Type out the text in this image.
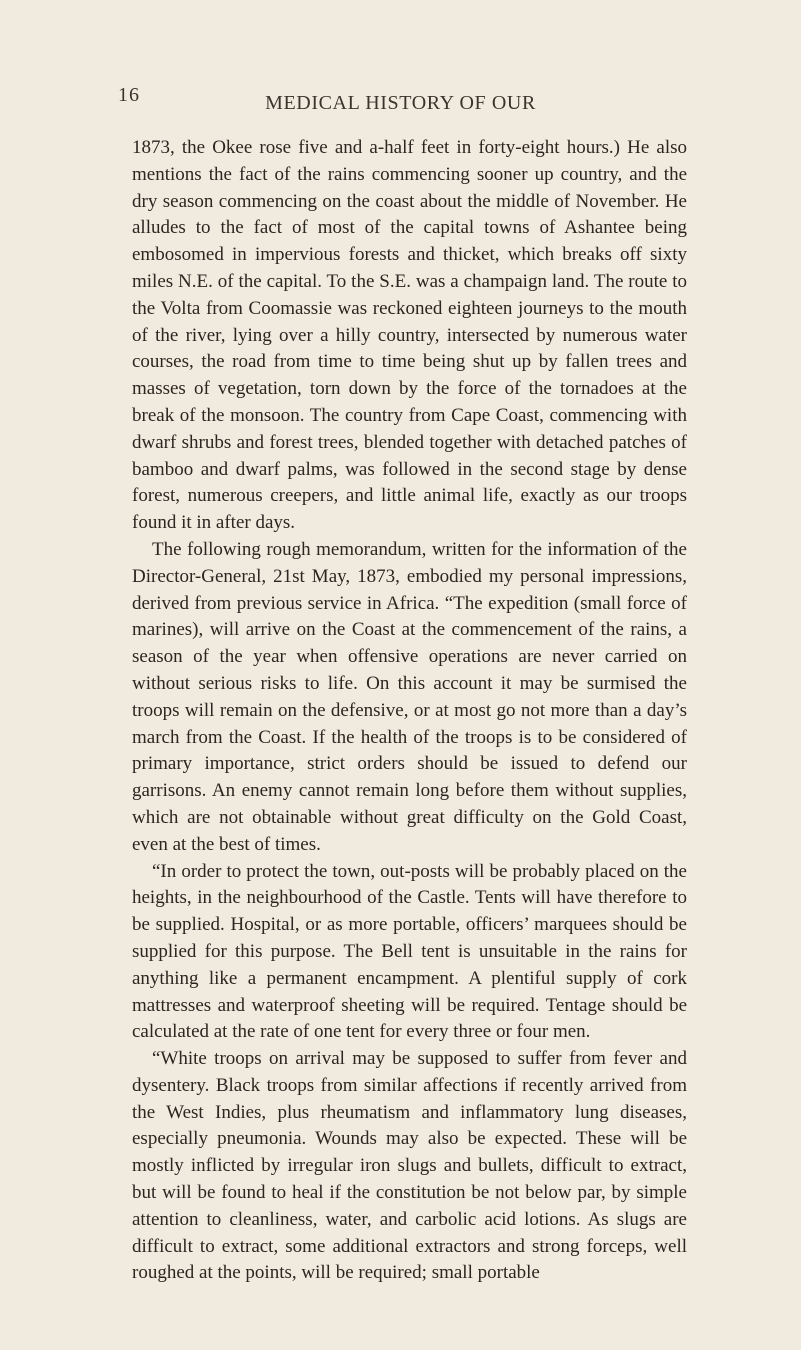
16	MEDICAL HISTORY OF OUR

1873, the Okee rose five and a-half feet in forty-eight hours.) He also mentions the fact of the rains commencing sooner up country, and the dry season commencing on the coast about the middle of November. He alludes to the fact of most of the capital towns of Ashantee being embosomed in impervious forests and thicket, which breaks off sixty miles N.E. of the capital. To the S.E. was a champaign land. The route to the Volta from Coomassie was reckoned eighteen journeys to the mouth of the river, lying over a hilly country, intersected by numerous water courses, the road from time to time being shut up by fallen trees and masses of vegetation, torn down by the force of the tornadoes at the break of the monsoon. The country from Cape Coast, commencing with dwarf shrubs and forest trees, blended together with detached patches of bamboo and dwarf palms, was followed in the second stage by dense forest, numerous creepers, and little animal life, exactly as our troops found it in after days.

The following rough memorandum, written for the information of the Director-General, 21st May, 1873, embodied my personal impressions, derived from previous service in Africa. “The expedition (small force of marines), will arrive on the Coast at the commencement of the rains, a season of the year when offensive operations are never carried on without serious risks to life. On this account it may be surmised the troops will remain on the defensive, or at most go not more than a day’s march from the Coast. If the health of the troops is to be considered of primary importance, strict orders should be issued to defend our garrisons. An enemy cannot remain long before them without supplies, which are not obtainable without great difficulty on the Gold Coast, even at the best of times.

“In order to protect the town, out-posts will be probably placed on the heights, in the neighbourhood of the Castle. Tents will have therefore to be supplied. Hospital, or as more portable, officers’ marquees should be supplied for this purpose. The Bell tent is unsuitable in the rains for anything like a permanent encampment. A plentiful supply of cork mattresses and waterproof sheeting will be required. Tentage should be calculated at the rate of one tent for every three or four men.

“White troops on arrival may be supposed to suffer from fever and dysentery. Black troops from similar affections if recently arrived from the West Indies, plus rheumatism and inflammatory lung diseases, especially pneumonia. Wounds may also be expected. These will be mostly inflicted by irregular iron slugs and bullets, difficult to extract, but will be found to heal if the constitution be not below par, by simple attention to cleanliness, water, and carbolic acid lotions. As slugs are difficult to extract, some additional extractors and strong forceps, well roughed at the points, will be required; small portable
